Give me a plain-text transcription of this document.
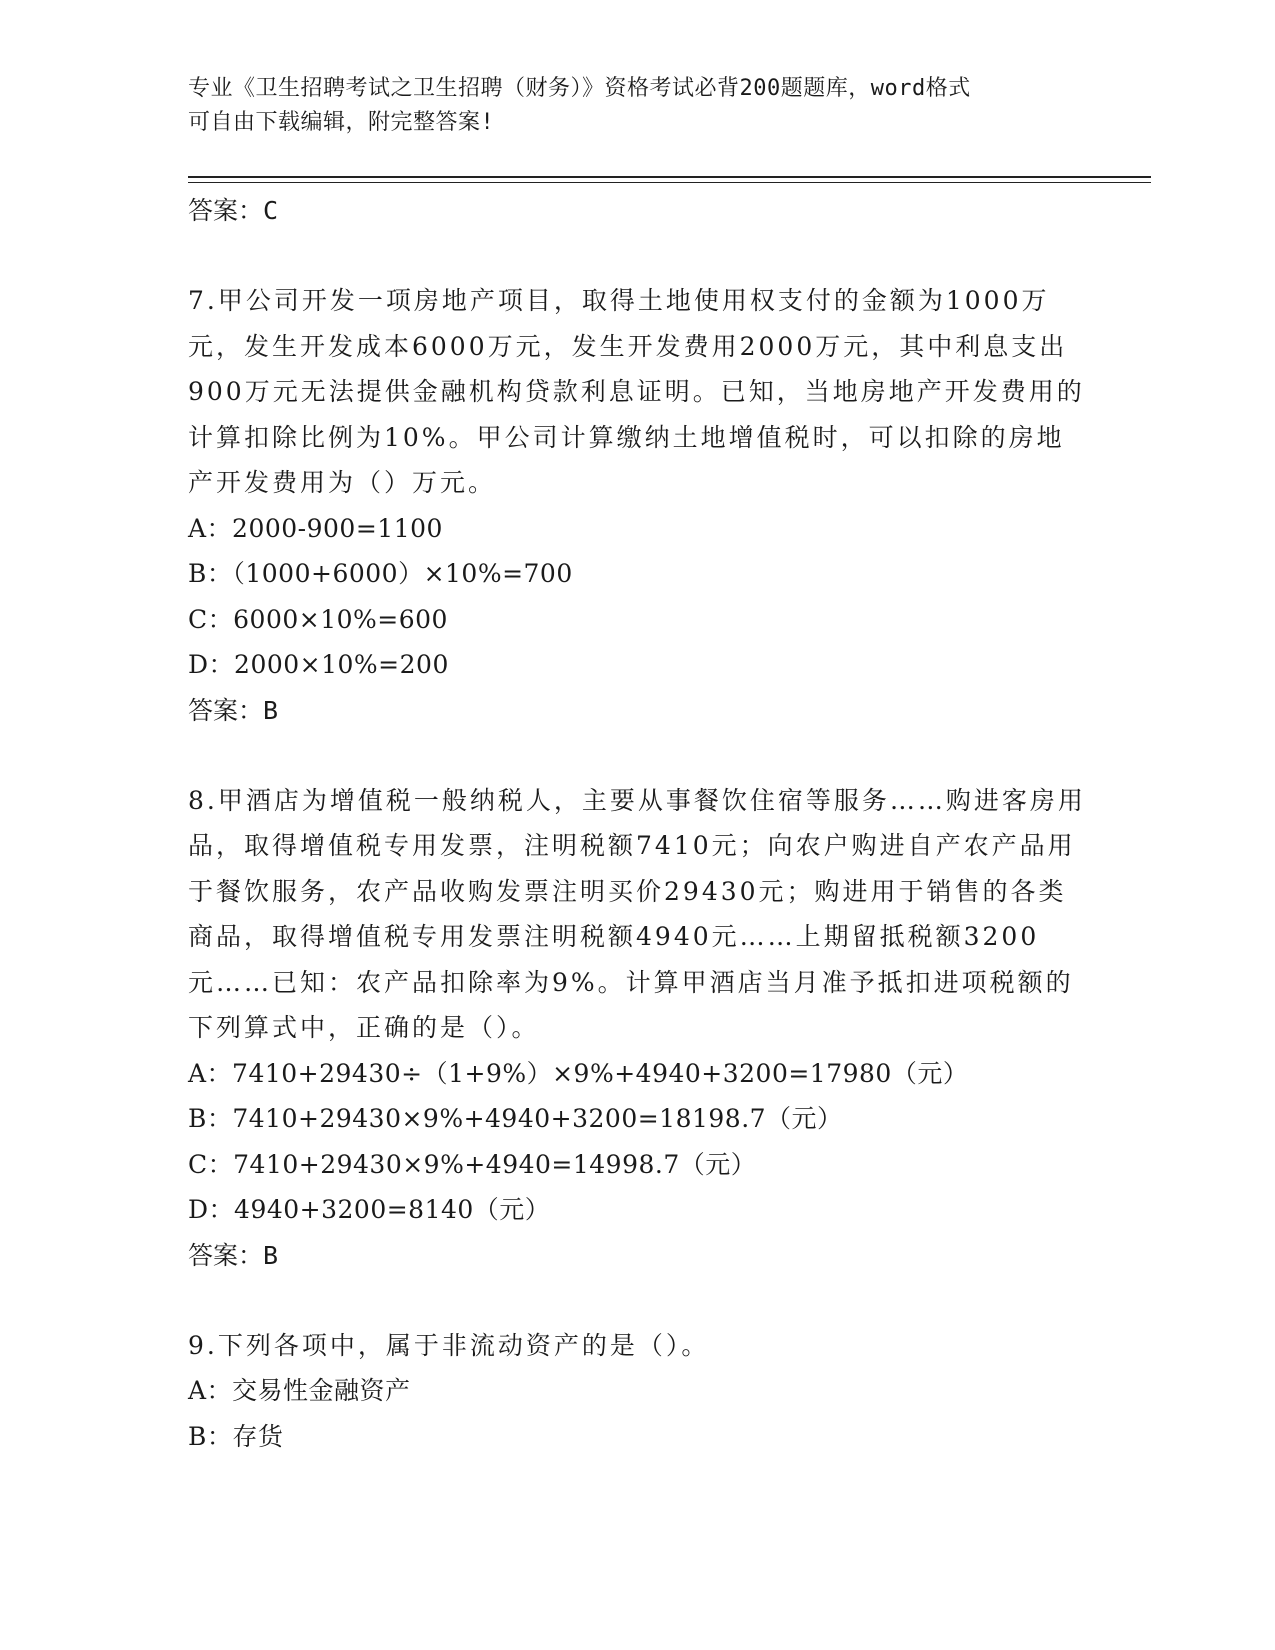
专业《卫生招聘考试之卫生招聘（财务）》资格考试必背200题题库，word格式
可自由下载编辑，附完整答案!

答案：C

7.甲公司开发一项房地产项目，取得土地使用权支付的金额为1000万元，发生开发成本6000万元，发生开发费用2000万元，其中利息支出900万元无法提供金融机构贷款利息证明。已知，当地房地产开发费用的计算扣除比例为10%。甲公司计算缴纳土地增值税时，可以扣除的房地产开发费用为（）万元。

A：2000-900=1100

B：（1000+6000）×10%=700

C：6000×10%=600

D：2000×10%=200

答案：B

8.甲酒店为增值税一般纳税人，主要从事餐饮住宿等服务……购进客房用品，取得增值税专用发票，注明税额7410元；向农户购进自产农产品用于餐饮服务，农产品收购发票注明买价29430元；购进用于销售的各类商品，取得增值税专用发票注明税额4940元……上期留抵税额3200元……已知：农产品扣除率为9%。计算甲酒店当月准予抵扣进项税额的下列算式中，正确的是（）。

A：7410+29430÷（1+9%）×9%+4940+3200=17980（元）

B：7410+29430×9%+4940+3200=18198.7（元）

C：7410+29430×9%+4940=14998.7（元）

D：4940+3200=8140（元）

答案：B

9.下列各项中，属于非流动资产的是（）。

A：交易性金融资产

B：存货
